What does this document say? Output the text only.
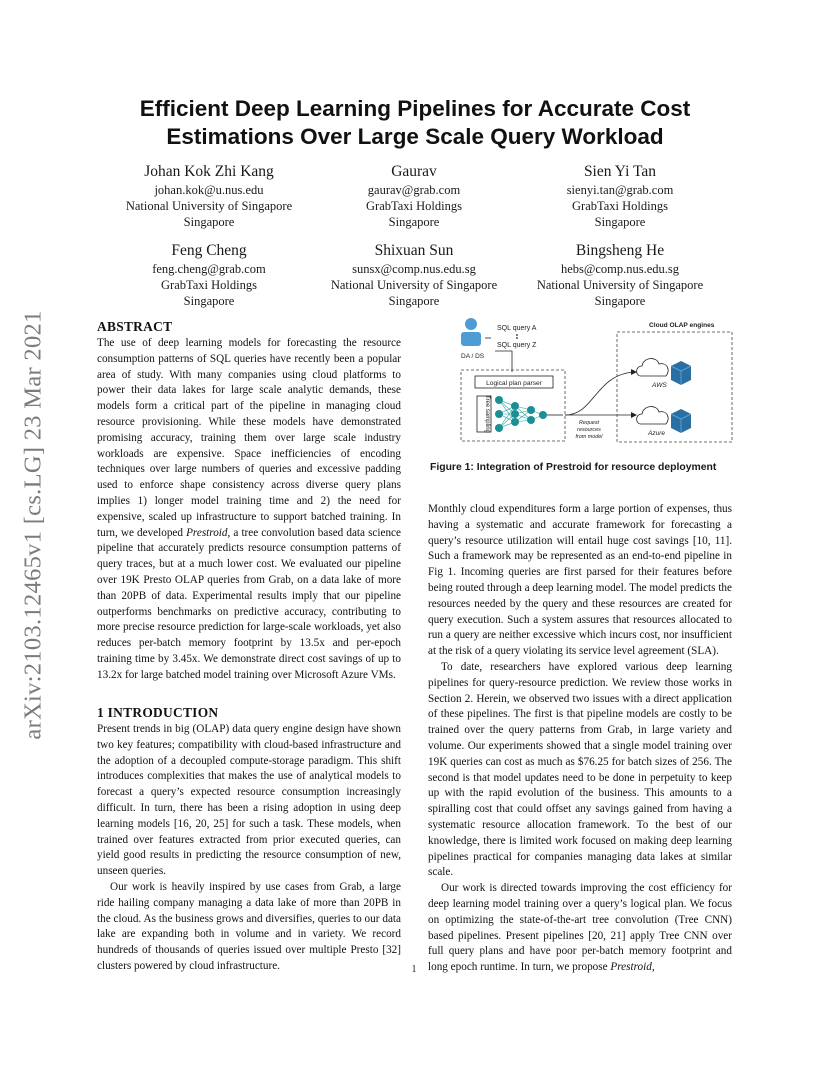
arXiv:2103.12465v1 [cs.LG] 23 Mar 2021
Efficient Deep Learning Pipelines for Accurate Cost
Estimations Over Large Scale Query Workload
Johan Kok Zhi Kang
johan.kok@u.nus.edu
National University of Singapore
Singapore
Gaurav
gaurav@grab.com
GrabTaxi Holdings
Singapore
Sien Yi Tan
sienyi.tan@grab.com
GrabTaxi Holdings
Singapore
Feng Cheng
feng.cheng@grab.com
GrabTaxi Holdings
Singapore
Shixuan Sun
sunsx@comp.nus.edu.sg
National University of Singapore
Singapore
Bingsheng He
hebs@comp.nus.edu.sg
National University of Singapore
Singapore
ABSTRACT

The use of deep learning models for forecasting the resource consumption patterns of SQL queries have recently been a popular area of study. With many companies using cloud platforms to power their data lakes for large scale analytic demands, these models form a critical part of the pipeline in managing cloud resource provisioning. While these models have demonstrated promising accuracy, training them over large scale industry workloads are expensive. Space inefficiencies of encoding techniques over large numbers of queries and excessive padding used to enforce shape consistency across diverse query plans implies 1) longer model training time and 2) the need for expensive, scaled up infrastructure to support batched training. In turn, we developed Prestroid, a tree convolution based data science pipeline that accurately predicts resource consumption patterns of query traces, but at a much lower cost. We evaluated our pipeline over 19K Presto OLAP queries from Grab, on a data lake of more than 20PB of data. Experimental results imply that our pipeline outperforms benchmarks on predictive accuracy, contributing to more precise resource prediction for large-scale workloads, yet also reduces per-batch memory footprint by 13.5x and per-epoch training time by 3.45x. We demonstrate direct cost savings of up to 13.2x for large batched model training over Microsoft Azure VMs.

1 INTRODUCTION

Present trends in big (OLAP) data query engine design have shown two key features; compatibility with cloud-based infrastructure and the adoption of a decoupled compute-storage paradigm. This shift introduces complexities that makes the use of analytical models to forecast a query’s expected resource consumption increasingly difficult. In turn, there has been a rising adoption in using deep learning models [16, 20, 25] for such a task. These models, when trained over features extracted from prior executed queries, can yield good results in predicting the resource consumption of new, unseen queries.

Our work is heavily inspired by use cases from Grab, a large ride hailing company managing a data lake of more than 20PB in the cloud. As the business grows and diversifies, queries to our data lake are expanding both in volume and in variety. We record hundreds of thousands of queries issued over multiple Presto [32] clusters powered by cloud infrastructure.

DA / DS
SQL query A
SQL query Z
Logical plan parser
Tree sampling	Request
resources
from model
Cloud OLAP engines
AWS
Azure
Figure 1: Integration of Prestroid for resource deployment

Monthly cloud expenditures form a large portion of expenses, thus having a systematic and accurate framework for forecasting a query’s resource utilization will entail huge cost savings [10, 11]. Such a framework may be represented as an end-to-end pipeline in Fig 1. Incoming queries are first parsed for their features before being routed through a deep learning model. The model predicts the resources needed by the query and these resources are created for query execution. Such a system assures that resources allocated to run a query are neither excessive which incurs cost, nor insufficient at the risk of a query violating its service level agreement (SLA).

To date, researchers have explored various deep learning pipelines for query-resource prediction. We review those works in Section 2. Herein, we observed two issues with a direct application of these pipelines. The first is that pipeline models are costly to be trained over the query patterns from Grab, in large variety and volume. Our experiments showed that a single model training over 19K queries can cost as much as $76.25 for batch sizes of 256. The second is that model updates need to be done in perpetuity to keep up with the rapid evolution of the business. This amounts to a spiralling cost that could offset any savings gained from having a systematic resource allocation framework. To the best of our knowledge, there is limited work focused on making deep learning pipelines practical for companies managing data lakes at similar scale.

Our work is directed towards improving the cost efficiency for deep learning model training over a query’s logical plan. We focus on optimizing the state-of-the-art tree convolution (Tree CNN) based pipelines. Present pipelines [20, 21] apply Tree CNN over full query plans and have poor per-batch memory footprint and long epoch runtime. In turn, we propose Prestroid,

1
